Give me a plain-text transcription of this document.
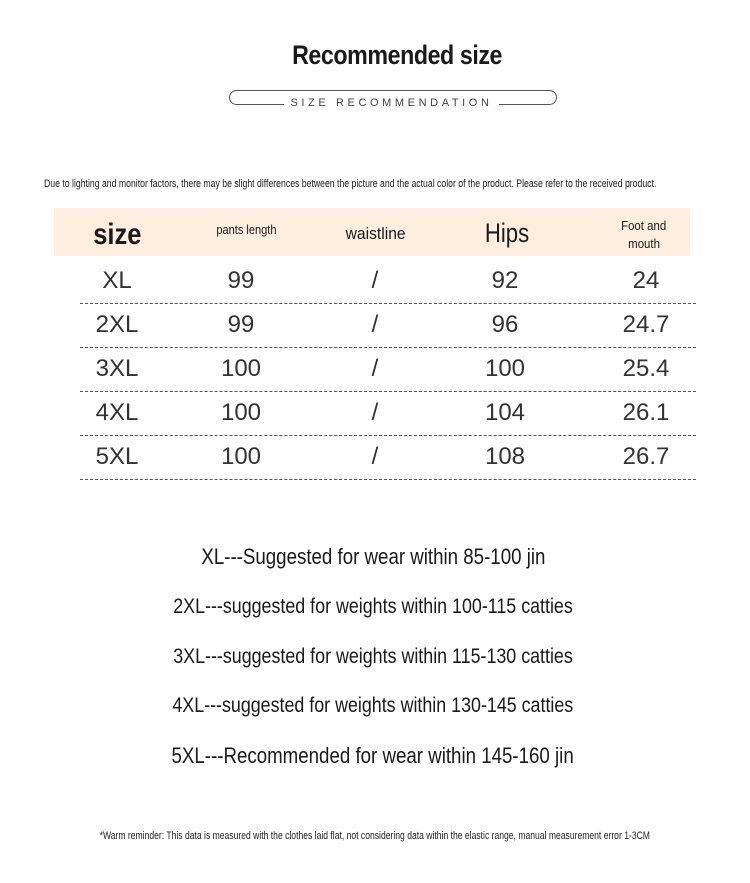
Recommended size
SIZE RECOMMENDATION
Due to lighting and monitor factors, there may be slight differences between the picture and the actual color of the product. Please refer to the received product.
size	pants length	waistline	Hips	Foot and
mouth
XL	99	/	92	24
2XL	99	/	96	24.7
3XL	100	/	100	25.4
4XL	100	/	104	26.1
5XL	100	/	108	26.7
XL---Suggested for wear within 85-100 jin
2XL---suggested for weights within 100-115 catties
3XL---suggested for weights within 115-130 catties
4XL---suggested for weights within 130-145 catties
5XL---Recommended for wear within 145-160 jin
*Warm reminder: This data is measured with the clothes laid flat, not considering data within the elastic range, manual measurement error 1-3CM
